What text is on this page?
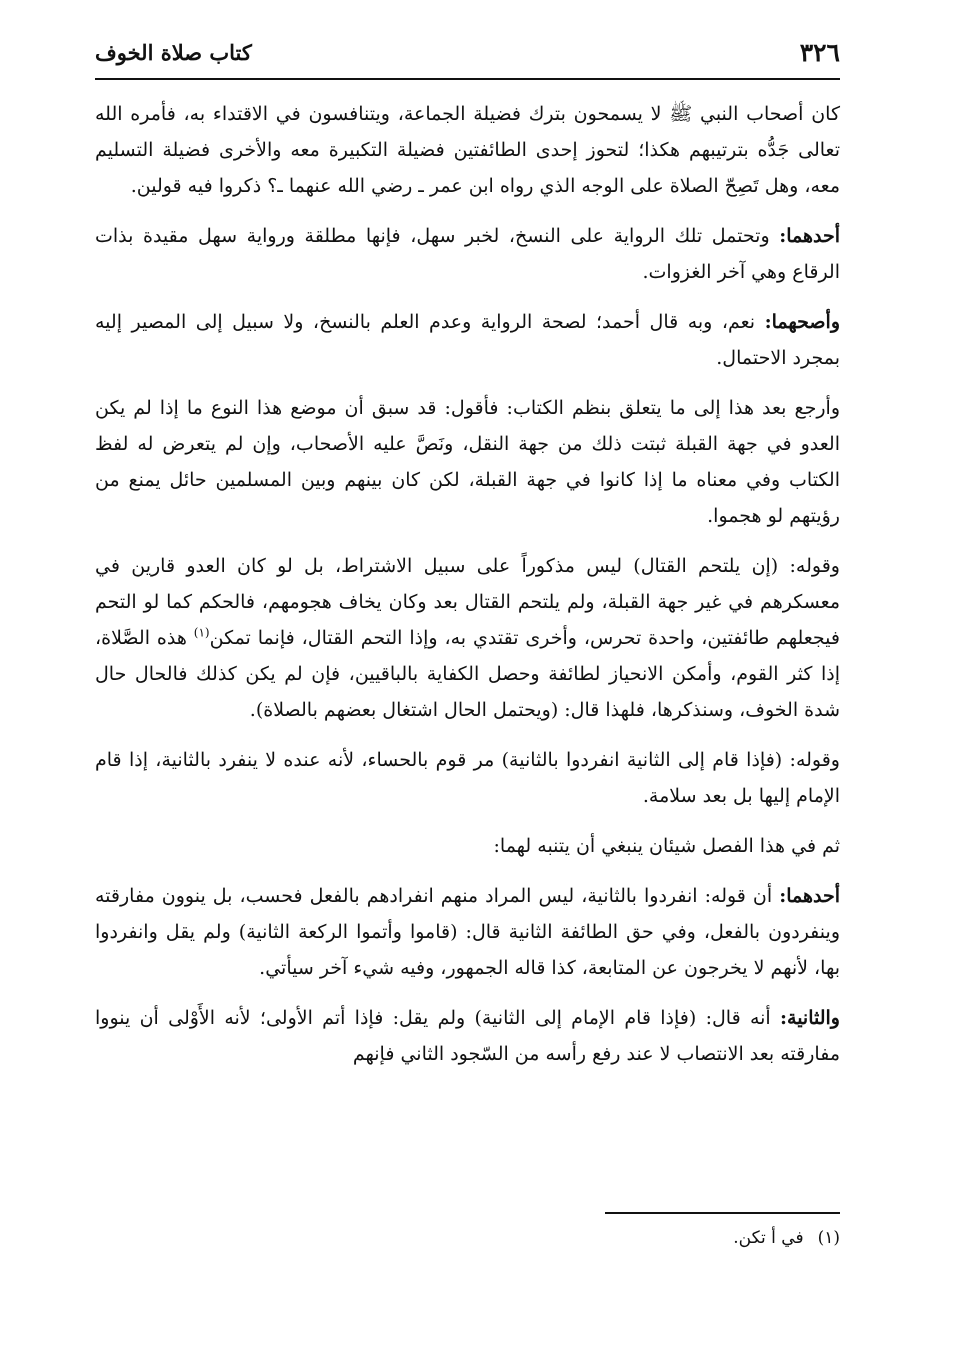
٣٢٦
كتاب صلاة الخوف

كان أصحاب النبي ﷺ لا يسمحون بترك فضيلة الجماعة، ويتنافسون في الاقتداء به، فأمره الله تعالى جَدُّه بترتيبهم هكذا؛ لتحوز إحدى الطائفتين فضيلة التكبيرة معه والأخرى فضيلة التسليم معه، وهل تَصِحّ الصلاة على الوجه الذي رواه ابن عمر ـ رضي الله عنهما ـ؟ ذكروا فيه قولين.

أحدهما: وتحتمل تلك الرواية على النسخ، لخبر سهل، فإنها مطلقة ورواية سهل مقيدة بذات الرقاع وهي آخر الغزوات.

وأصحهما: نعم، وبه قال أحمد؛ لصحة الرواية وعدم العلم بالنسخ، ولا سبيل إلى المصير إليه بمجرد الاحتمال.

وأرجع بعد هذا إلى ما يتعلق بنظم الكتاب: فأقول: قد سبق أن موضع هذا النوع ما إذا لم يكن العدو في جهة القبلة ثبتت ذلك من جهة النقل، ونَصَّ عليه الأصحاب، وإن لم يتعرض له لفظ الكتاب وفي معناه ما إذا كانوا في جهة القبلة، لكن كان بينهم وبين المسلمين حائل يمنع من رؤيتهم لو هجموا.

وقوله: (إن يلتحم القتال) ليس مذكوراً على سبيل الاشتراط، بل لو كان العدو قارين في معسكرهم في غير جهة القبلة، ولم يلتحم القتال بعد وكان يخاف هجومهم، فالحكم كما لو التحم فيجعلهم طائفتين، واحدة تحرس، وأخرى تقتدي به، وإذا التحم القتال، فإنما تمكن$^{(١)}$ هذه الصَّلاة، إذا كثر القوم، وأمكن الانحياز لطائفة وحصل الكفاية بالباقيين، فإن لم يكن كذلك فالحال حال شدة الخوف، وسنذكرها، فلهذا قال: (ويحتمل الحال اشتغال بعضهم بالصلاة).

وقوله: (فإذا قام إلى الثانية انفردوا بالثانية) مر قوم بالحساء، لأنه عنده لا ينفرد بالثانية، إذا قام الإمام إليها بل بعد سلامة.

ثم في هذا الفصل شيئان ينبغي أن يتنبه لهما:

أحدهما: أن قوله: انفردوا بالثانية، ليس المراد منهم انفرادهم بالفعل فحسب، بل ينوون مفارقته وينفردون بالفعل، وفي حق الطائفة الثانية قال: (قاموا وأتموا الركعة الثانية) ولم يقل وانفردوا بها، لأنهم لا يخرجون عن المتابعة، كذا قاله الجمهور، وفيه شيء آخر سيأتي.

والثانية: أنه قال: (فإذا قام الإمام إلى الثانية) ولم يقل: فإذا أتم الأولى؛ لأنه الأَوْلى أن ينووا مفارقته بعد الانتصاب لا عند رفع رأسه من السّجود الثاني فإنهم

(١)في أ تكن.
